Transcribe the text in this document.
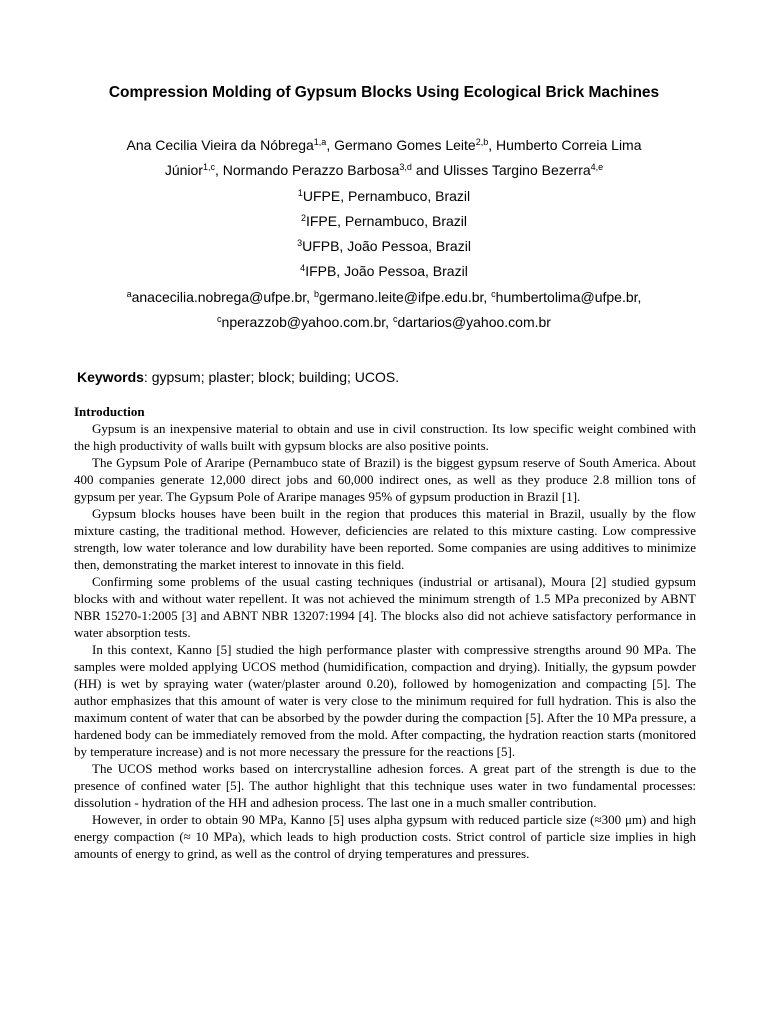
Compression Molding of Gypsum Blocks Using Ecological Brick Machines

Ana Cecilia Vieira da Nóbrega$^{1,a}$, Germano Gomes Leite$^{2,b}$, Humberto Correia Lima

Júnior$^{1,c}$, Normando Perazzo Barbosa$^{3,d}$ and Ulisses Targino Bezerra$^{4,e}$

$^1$UFPE, Pernambuco, Brazil

$^2$IFPE, Pernambuco, Brazil

$^3$UFPB, João Pessoa, Brazil

$^4$IFPB, João Pessoa, Brazil

$^a$anacecilia.nobrega@ufpe.br, $^b$germano.leite@ifpe.edu.br, $^c$humbertolima@ufpe.br,

$^c$nperazzob@yahoo.com.br, $^c$dartarios@yahoo.com.br

Keywords: gypsum; plaster; block; building; UCOS.

Introduction

Gypsum is an inexpensive material to obtain and use in civil construction. Its low specific weight combined with the high productivity of walls built with gypsum blocks are also positive points.

The Gypsum Pole of Araripe (Pernambuco state of Brazil) is the biggest gypsum reserve of South America. About 400 companies generate 12,000 direct jobs and 60,000 indirect ones, as well as they produce 2.8 million tons of gypsum per year. The Gypsum Pole of Araripe manages 95% of gypsum production in Brazil [1].

Gypsum blocks houses have been built in the region that produces this material in Brazil, usually by the flow mixture casting, the traditional method. However, deficiencies are related to this mixture casting. Low compressive strength, low water tolerance and low durability have been reported. Some companies are using additives to minimize then, demonstrating the market interest to innovate in this field.

Confirming some problems of the usual casting techniques (industrial or artisanal), Moura [2] studied gypsum blocks with and without water repellent. It was not achieved the minimum strength of 1.5 MPa preconized by ABNT NBR 15270-1:2005 [3] and ABNT NBR 13207:1994 [4]. The blocks also did not achieve satisfactory performance in water absorption tests.

In this context, Kanno [5] studied the high performance plaster with compressive strengths around 90 MPa. The samples were molded applying UCOS method (humidification, compaction and drying). Initially, the gypsum powder (HH) is wet by spraying water (water/plaster around 0.20), followed by homogenization and compacting [5]. The author emphasizes that this amount of water is very close to the minimum required for full hydration. This is also the maximum content of water that can be absorbed by the powder during the compaction [5]. After the 10 MPa pressure, a hardened body can be immediately removed from the mold. After compacting, the hydration reaction starts (monitored by temperature increase) and is not more necessary the pressure for the reactions [5].

The UCOS method works based on intercrystalline adhesion forces. A great part of the strength is due to the presence of confined water [5]. The author highlight that this technique uses water in two fundamental processes: dissolution - hydration of the HH and adhesion process. The last one in a much smaller contribution.

However, in order to obtain 90 MPa, Kanno [5] uses alpha gypsum with reduced particle size (≈300 μm) and high energy compaction (≈ 10 MPa), which leads to high production costs. Strict control of particle size implies in high amounts of energy to grind, as well as the control of drying temperatures and pressures.
